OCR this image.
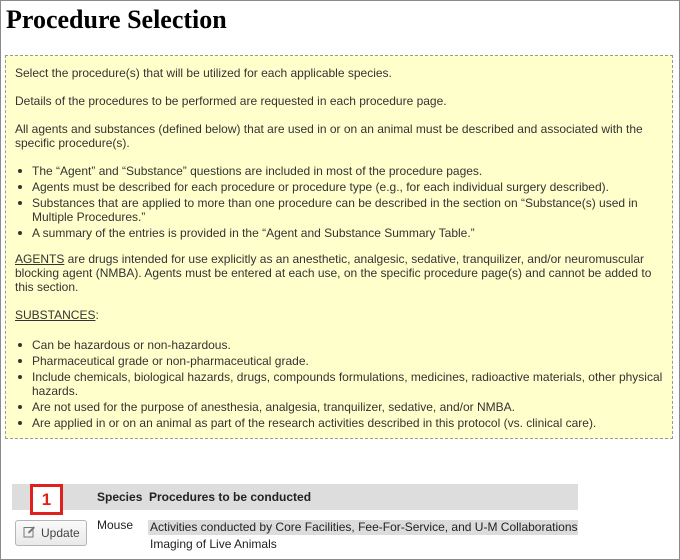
Procedure Selection

Select the procedure(s) that will be utilized for each applicable species.

Details of the procedures to be performed are requested in each procedure page.

All agents and substances (defined below) that are used in or on an animal must be described and associated with the specific procedure(s).

The “Agent” and “Substance” questions are included in most of the procedure pages.
Agents must be described for each procedure or procedure type (e.g., for each individual surgery described).
Substances that are applied to more than one procedure can be described in the section on “Substance(s) used in Multiple Procedures.”
A summary of the entries is provided in the “Agent and Substance Summary Table.”

AGENTS are drugs intended for use explicitly as an anesthetic, analgesic, sedative, tranquilizer, and/or neuromuscular blocking agent (NMBA). Agents must be entered at each use, on the specific procedure page(s) and cannot be added to this section.

SUBSTANCES:

Can be hazardous or non-hazardous.
Pharmaceutical grade or non-pharmaceutical grade.
Include chemicals, biological hazards, drugs, compounds formulations, medicines, radioactive materials, other physical hazards.
Are not used for the purpose of anesthesia, analgesia, tranquilizer, sedative, and/or NMBA.
Are applied in or on an animal as part of the research activities described in this protocol (vs. clinical care).
Species Procedures to be conducted
1
Update
Mouse Activities conducted by Core Facilities, Fee-For-Service, and U-M Collaborations
Imaging of Live Animals
